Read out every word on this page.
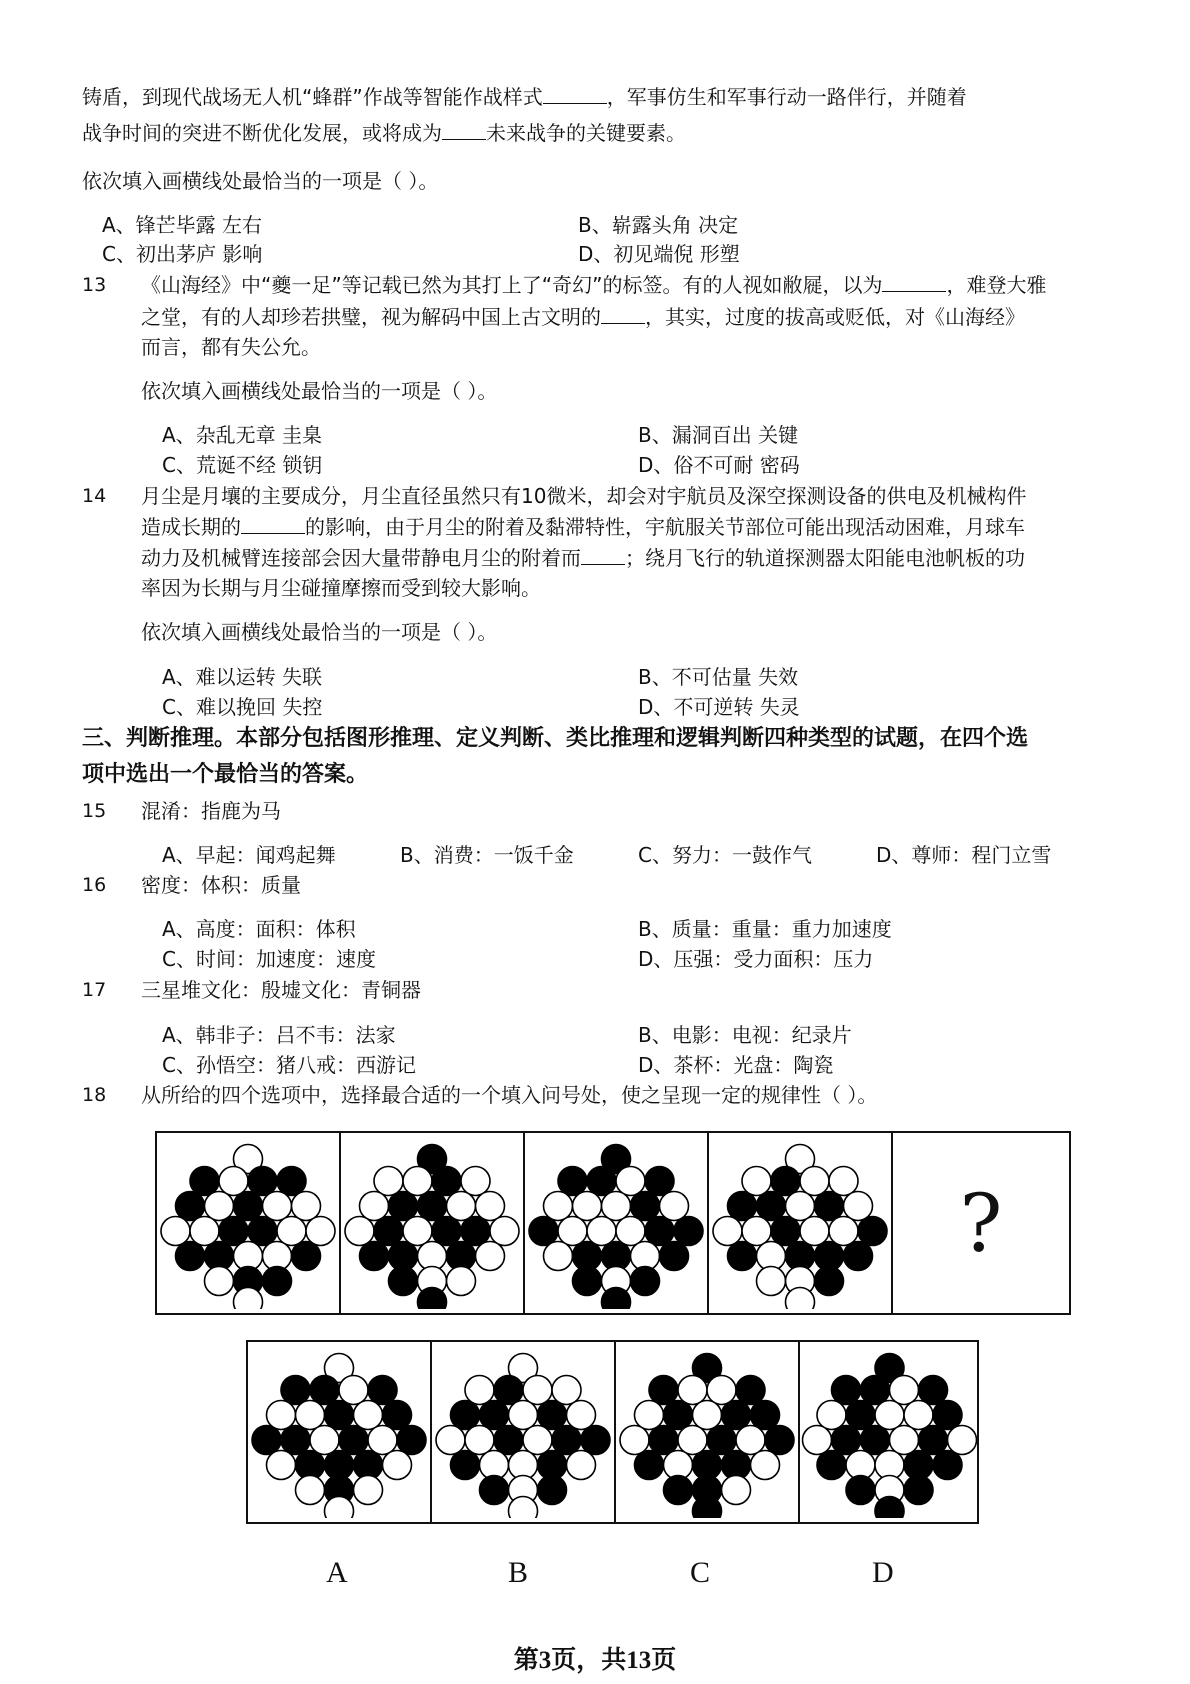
铸盾，到现代战场无人机“蜂群”作战等智能作战样式	，军事仿生和军事行动一路伴行，并随着
战争时间的突进不断优化发展，或将成为 未来战争的关键要素。
依次填入画横线处最恰当的一项是（ ）。
A、锋芒毕露 左右	B、崭露头角 决定
C、初出茅庐 影响	D、初见端倪 形塑
13 《山海经》中“夔一足”等记载已然为其打上了“奇幻”的标签。有的人视如敝屣，以为	，难登大雅
之堂，有的人却珍若拱璧，视为解码中国上古文明的 ，其实，过度的拔高或贬低，对《山海经》
而言，都有失公允。
依次填入画横线处最恰当的一项是（ ）。
A、杂乱无章 圭臬	B、漏洞百出 关键
C、荒诞不经 锁钥	D、俗不可耐 密码
14 月尘是月壤的主要成分，月尘直径虽然只有10微米，却会对宇航员及深空探测设备的供电及机械构件
造成长期的	的影响，由于月尘的附着及黏滞特性，宇航服关节部位可能出现活动困难，月球车
动力及机械臂连接部会因大量带静电月尘的附着而 ；绕月飞行的轨道探测器太阳能电池帆板的功
率因为长期与月尘碰撞摩擦而受到较大影响。
依次填入画横线处最恰当的一项是（ ）。
A、难以运转 失联	B、不可估量 失效
C、难以挽回 失控	D、不可逆转 失灵
三、判断推理。本部分包括图形推理、定义判断、类比推理和逻辑判断四种类型的试题，在四个选
项中选出一个最恰当的答案。
15 混淆：指鹿为马
A、早起：闻鸡起舞	B、消费：一饭千金	C、努力：一鼓作气	D、尊师：程门立雪
16 密度：体积：质量
A、高度：面积：体积	B、质量：重量：重力加速度
C、时间：加速度：速度	D、压强：受力面积：压力
17 三星堆文化：殷墟文化：青铜器
A、韩非子：吕不韦：法家	B、电影：电视：纪录片
C、孙悟空：猪八戒：西游记	D、茶杯：光盘：陶瓷
18 从所给的四个选项中，选择最合适的一个填入问号处，使之呈现一定的规律性（ ）。
?
A	B	C	D
第3页，共13页
